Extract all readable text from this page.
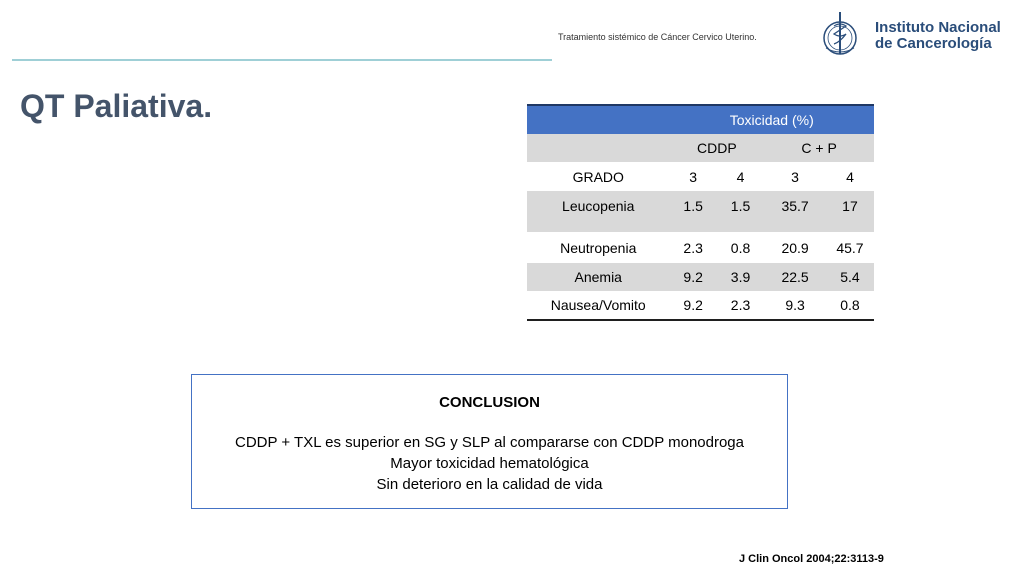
Tratamiento sistémico de Cáncer Cervico Uterino.
Instituto Nacional
de Cancerología
QT Paliativa.
		Toxicidad (%)			
	CDDP		C + P	
GRADO	3	4	3	4
Leucopenia	1.5	1.5	35.7	17

Neutropenia	2.3	0.8	20.9	45.7
Anemia	9.2	3.9	22.5	5.4
Nausea/Vomito	9.2	2.3	9.3	0.8
CONCLUSION
CDDP + TXL es superior en SG y SLP al compararse con CDDP monodroga
Mayor toxicidad hematológica
Sin deterioro en la calidad de vida
J Clin Oncol 2004;22:3113-9
